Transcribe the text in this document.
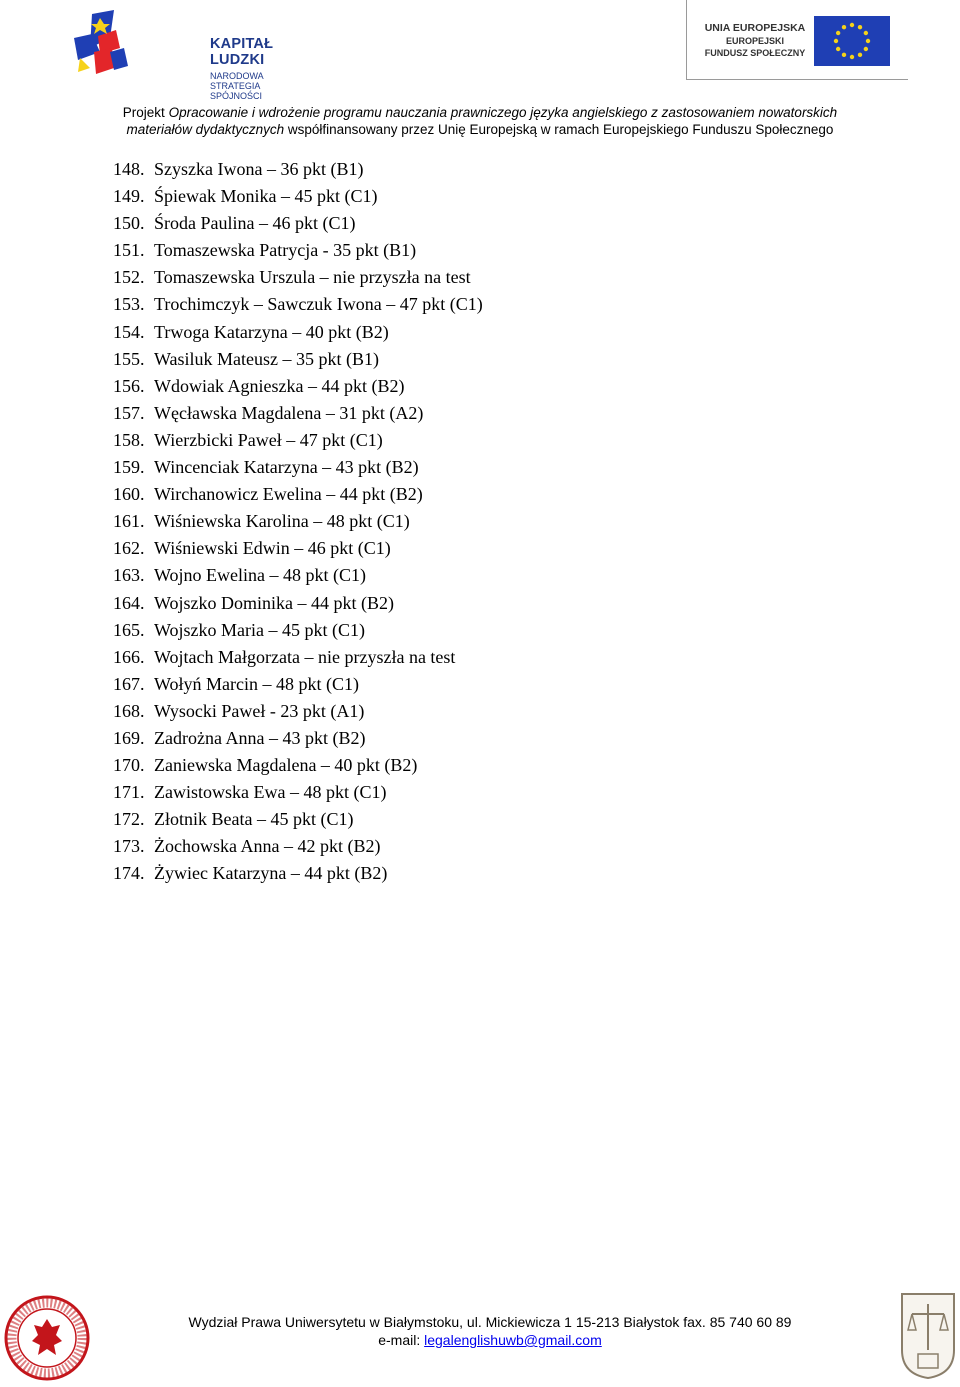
KAPITAŁ LUDZKI
NARODOWA STRATEGIA SPÓJNOŚCI
UNIA EUROPEJSKA
EUROPEJSKI
FUNDUSZ SPOŁECZNY
Projekt Opracowanie i wdrożenie programu nauczania prawniczego języka angielskiego z zastosowaniem nowatorskich
materiałów dydaktycznych współfinansowany przez Unię Europejską w ramach Europejskiego Funduszu Społecznego
148. Szyszka Iwona – 36 pkt (B1)
149. Śpiewak Monika – 45 pkt (C1)
150. Środa Paulina – 46 pkt (C1)
151. Tomaszewska Patrycja - 35 pkt (B1)
152. Tomaszewska Urszula – nie przyszła na test
153. Trochimczyk – Sawczuk Iwona – 47 pkt (C1)
154. Trwoga Katarzyna – 40 pkt (B2)
155. Wasiluk Mateusz – 35 pkt (B1)
156. Wdowiak Agnieszka – 44 pkt (B2)
157. Węcławska Magdalena – 31 pkt (A2)
158. Wierzbicki Paweł – 47 pkt (C1)
159. Wincenciak Katarzyna – 43 pkt (B2)
160. Wirchanowicz Ewelina – 44 pkt (B2)
161. Wiśniewska Karolina – 48 pkt (C1)
162. Wiśniewski Edwin – 46 pkt (C1)
163. Wojno Ewelina – 48 pkt (C1)
164. Wojszko Dominika – 44 pkt (B2)
165. Wojszko Maria – 45 pkt (C1)
166. Wojtach Małgorzata – nie przyszła na test
167. Wołyń Marcin – 48 pkt (C1)
168. Wysocki Paweł - 23 pkt (A1)
169. Zadrożna Anna – 43 pkt (B2)
170. Zaniewska Magdalena – 40 pkt (B2)
171. Zawistowska Ewa – 48 pkt (C1)
172. Złotnik Beata – 45 pkt (C1)
173. Żochowska Anna – 42 pkt (B2)
174. Żywiec Katarzyna – 44 pkt (B2)
Wydział Prawa Uniwersytetu w Białymstoku, ul. Mickiewicza 1 15-213 Białystok fax. 85 740 60 89
e-mail: legalenglishuwb@gmail.com
